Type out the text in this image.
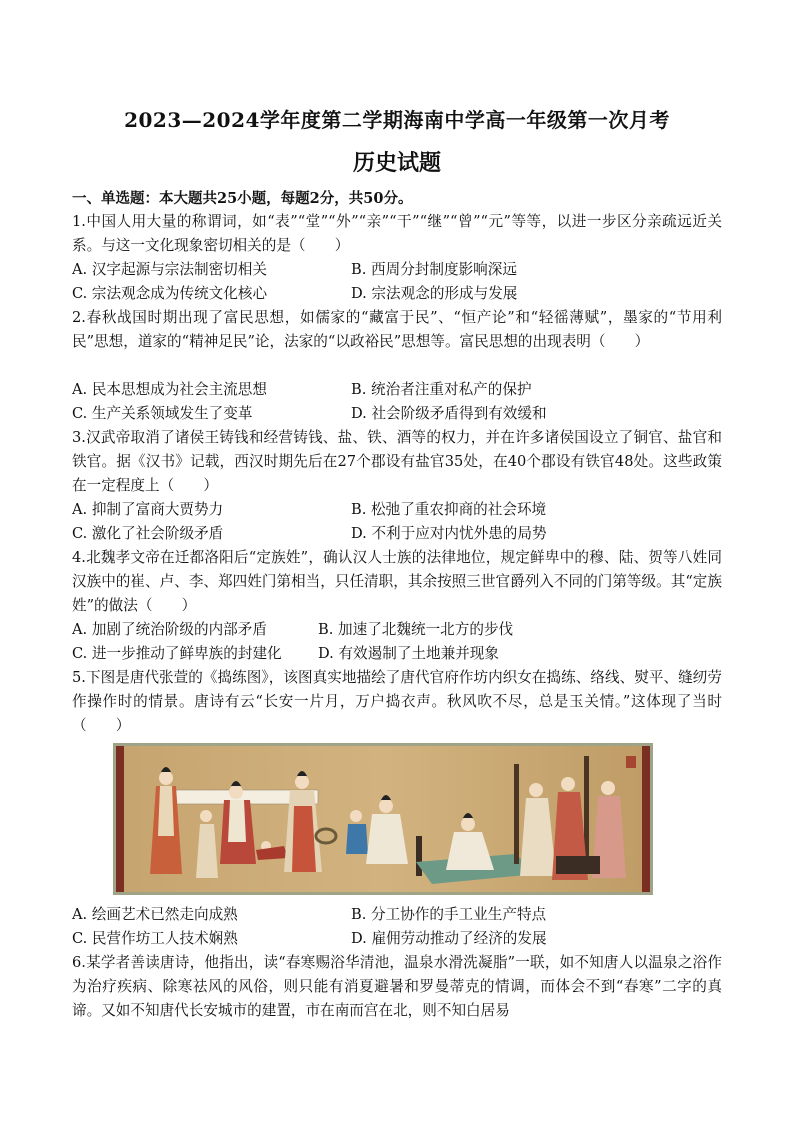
2023—2024学年度第二学期海南中学高一年级第一次月考
历史试题
一、单选题：本大题共25小题，每题2分，共50分。
1.中国人用大量的称谓词，如“表”“堂”“外”“亲”“干”“继”“曾”“元”等等，以进一步区分亲疏远近关系。与这一文化现象密切相关的是（　　）
A. 汉字起源与宗法制密切相关	B. 西周分封制度影响深远
C. 宗法观念成为传统文化核心	D. 宗法观念的形成与发展
2.春秋战国时期出现了富民思想，如儒家的“藏富于民”、“恒产论”和“轻徭薄赋”，墨家的“节用利民”思想，道家的“精神足民”论，法家的“以政裕民”思想等。富民思想的出现表明（　　）
A. 民本思想成为社会主流思想	B. 统治者注重对私产的保护
C. 生产关系领域发生了变革	D. 社会阶级矛盾得到有效缓和
3.汉武帝取消了诸侯王铸钱和经营铸钱、盐、铁、酒等的权力，并在许多诸侯国设立了铜官、盐官和铁官。据《汉书》记载，西汉时期先后在27个郡设有盐官35处，在40个郡设有铁官48处。这些政策在一定程度上（　　）
A. 抑制了富商大贾势力	B. 松弛了重农抑商的社会环境
C. 激化了社会阶级矛盾	D. 不利于应对内忧外患的局势
4.北魏孝文帝在迁都洛阳后“定族姓”，确认汉人士族的法律地位，规定鲜卑中的穆、陆、贺等八姓同汉族中的崔、卢、李、郑四姓门第相当，只任清职，其余按照三世官爵列入不同的门第等级。其“定族姓”的做法（　　）
A. 加剧了统治阶级的内部矛盾	B. 加速了北魏统一北方的步伐
C. 进一步推动了鲜卑族的封建化 D. 有效遏制了土地兼并现象
5.下图是唐代张萱的《捣练图》，该图真实地描绘了唐代官府作坊内织女在捣练、络线、熨平、缝纫劳作操作时的情景。唐诗有云“长安一片月，万户捣衣声。秋风吹不尽，总是玉关情。”这体现了当时（　　）
A. 绘画艺术已然走向成熟	B. 分工协作的手工业生产特点
C. 民营作坊工人技术娴熟	D. 雇佣劳动推动了经济的发展
6.某学者善读唐诗，他指出，读“春寒赐浴华清池，温泉水滑洗凝脂”一联，如不知唐人以温泉之浴作为治疗疾病、除寒祛风的风俗，则只能有消夏避暑和罗曼蒂克的情调，而体会不到“春寒”二字的真谛。又如不知唐代长安城市的建置，市在南而宫在北，则不知白居易
